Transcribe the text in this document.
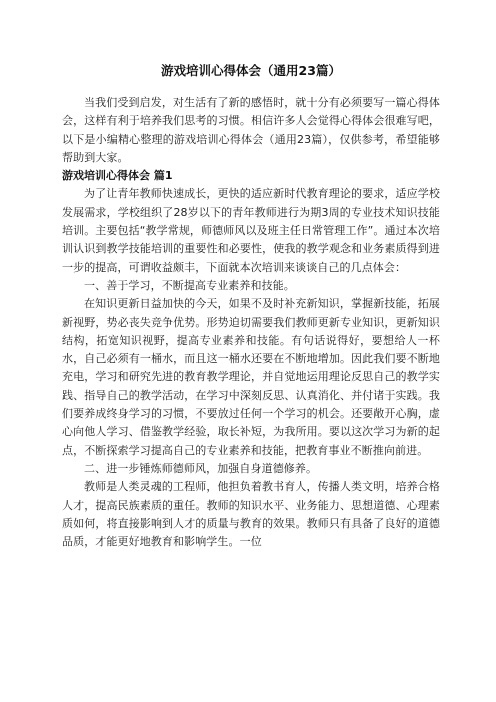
游戏培训心得体会（通用23篇）

当我们受到启发，对生活有了新的感悟时，就十分有必须要写一篇心得体会，这样有利于培养我们思考的习惯。相信许多人会觉得心得体会很难写吧，以下是小编精心整理的游戏培训心得体会（通用23篇），仅供参考，希望能够帮助到大家。

游戏培训心得体会 篇1

为了让青年教师快速成长，更快的适应新时代教育理论的要求，适应学校发展需求，学校组织了28岁以下的青年教师进行为期3周的专业技术知识技能培训。主要包括“教学常规，师德师风以及班主任日常管理工作”。通过本次培训认识到教学技能培训的重要性和必要性，使我的教学观念和业务素质得到进一步的提高，可谓收益颇丰，下面就本次培训来谈谈自己的几点体会：

一、善于学习，不断提高专业素养和技能。

在知识更新日益加快的今天，如果不及时补充新知识，掌握新技能，拓展新视野，势必丧失竞争优势。形势迫切需要我们教师更新专业知识，更新知识结构，拓宽知识视野，提高专业素养和技能。有句话说得好，要想给人一杯水，自己必须有一桶水，而且这一桶水还要在不断地增加。因此我们要不断地充电，学习和研究先进的教育教学理论，并自觉地运用理论反思自己的教学实践、指导自己的教学活动，在学习中深刻反思、认真消化、并付诸于实践。我们要养成终身学习的习惯，不要放过任何一个学习的机会。还要敞开心胸，虚心向他人学习、借鉴教学经验，取长补短，为我所用。要以这次学习为新的起点，不断探索学习提高自己的专业素养和技能，把教育事业不断推向前进。

二、进一步锤炼师德师风，加强自身道德修养。

教师是人类灵魂的工程师，他担负着教书育人，传播人类文明，培养合格人才，提高民族素质的重任。教师的知识水平、业务能力、思想道德、心理素质如何，将直接影响到人才的质量与教育的效果。教师只有具备了良好的道德品质，才能更好地教育和影响学生。一位
